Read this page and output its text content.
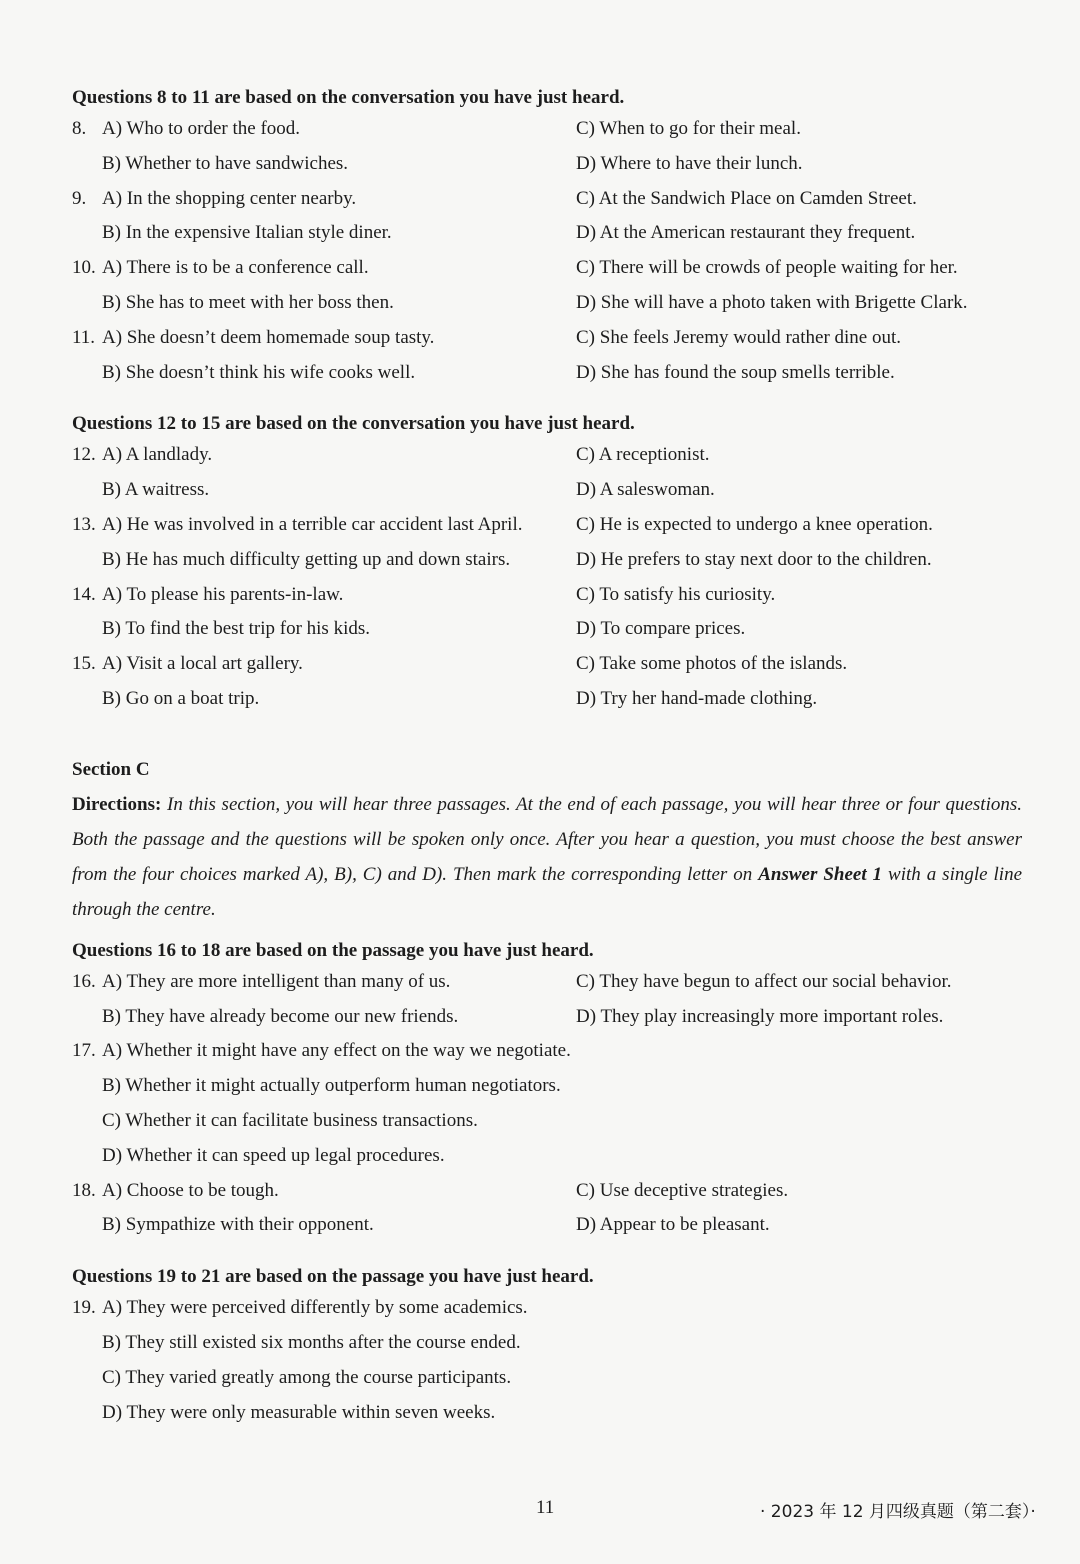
Questions 8 to 11 are based on the conversation you have just heard.
8. A) Who to order the food.	C) When to go for their meal.
B) Whether to have sandwiches.	D) Where to have their lunch.
9. A) In the shopping center nearby.	C) At the Sandwich Place on Camden Street.
B) In the expensive Italian style diner.	D) At the American restaurant they frequent.
10. A) There is to be a conference call.	C) There will be crowds of people waiting for her.
B) She has to meet with her boss then.	D) She will have a photo taken with Brigette Clark.
11. A) She doesn’t deem homemade soup tasty.	C) She feels Jeremy would rather dine out.
B) She doesn’t think his wife cooks well.	D) She has found the soup smells terrible.
Questions 12 to 15 are based on the conversation you have just heard.
12. A) A landlady.	C) A receptionist.
B) A waitress.	D) A saleswoman.
13. A) He was involved in a terrible car accident last April.	C) He is expected to undergo a knee operation.
B) He has much difficulty getting up and down stairs.	D) He prefers to stay next door to the children.
14. A) To please his parents-in-law.	C) To satisfy his curiosity.
B) To find the best trip for his kids.	D) To compare prices.
15. A) Visit a local art gallery.	C) Take some photos of the islands.
B) Go on a boat trip.	D) Try her hand-made clothing.
Section C
Directions: In this section, you will hear three passages. At the end of each passage, you will hear three or four questions. Both the passage and the questions will be spoken only once. After you hear a question, you must choose the best answer from the four choices marked A), B), C) and D). Then mark the corresponding letter on Answer Sheet 1 with a single line through the centre.
Questions 16 to 18 are based on the passage you have just heard.
16. A) They are more intelligent than many of us.	C) They have begun to affect our social behavior.
B) They have already become our new friends.	D) They play increasingly more important roles.
17. A) Whether it might have any effect on the way we negotiate.
B) Whether it might actually outperform human negotiators.
C) Whether it can facilitate business transactions.
D) Whether it can speed up legal procedures.
18. A) Choose to be tough.	C) Use deceptive strategies.
B) Sympathize with their opponent.	D) Appear to be pleasant.
Questions 19 to 21 are based on the passage you have just heard.
19. A) They were perceived differently by some academics.
B) They still existed six months after the course ended.
C) They varied greatly among the course participants.
D) They were only measurable within seven weeks.
11	· 2023 年 12 月四级真题（第二套）·
